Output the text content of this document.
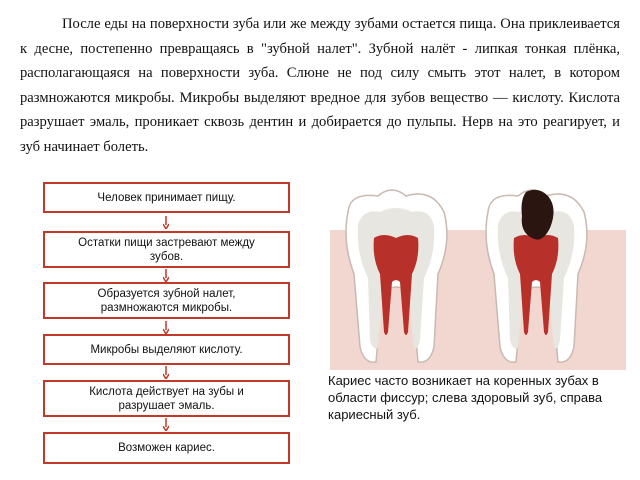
После еды на поверхности зуба или же между зубами остается пища. Она приклеивается к десне, постепенно превращаясь в "зубной налет". Зубной налёт - липкая тонкая плёнка, располагающаяся на поверхности зуба. Слюне не под силу смыть этот налет, в котором размножаются микробы. Микробы выделяют вредное для зубов вещество — кислоту. Кислота разрушает эмаль, проникает сквозь дентин и добирается до пульпы. Нерв на это реагирует, и зуб начинает болеть.

Человек принимает пищу.
Остатки пищи застревают между зубов.
Образуется зубной налет, размножаются микробы.
Микробы выделяют кислоту.
Кислота действует на зубы и разрушает эмаль.
Возможен кариес.
Кариес часто возникает на коренных зубах в области фиссур; слева здоровый зуб, справа кариесный зуб.
